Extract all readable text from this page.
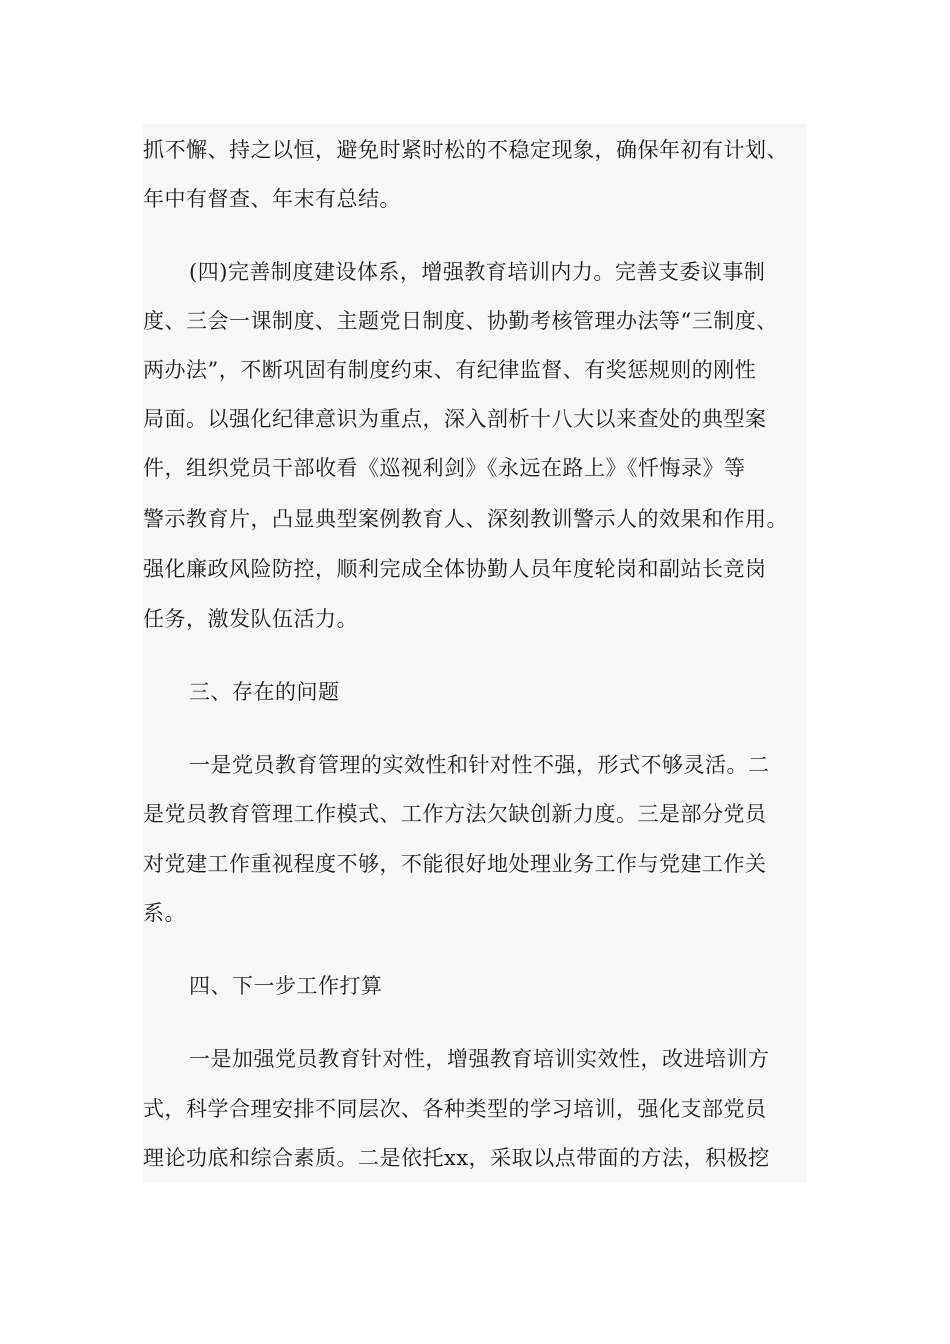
抓不懈、持之以恒，避免时紧时松的不稳定现象，确保年初有计划、
年中有督查、年末有总结。
(四)完善制度建设体系，增强教育培训内力。完善支委议事制
度、三会一课制度、主题党日制度、协勤考核管理办法等“三制度、
两办法”，不断巩固有制度约束、有纪律监督、有奖惩规则的刚性
局面。以强化纪律意识为重点，深入剖析十八大以来查处的典型案
件，组织党员干部收看《巡视利剑》《永远在路上》《忏悔录》等
警示教育片，凸显典型案例教育人、深刻教训警示人的效果和作用。
强化廉政风险防控，顺利完成全体协勤人员年度轮岗和副站长竞岗
任务，激发队伍活力。
三、存在的问题
一是党员教育管理的实效性和针对性不强，形式不够灵活。二
是党员教育管理工作模式、工作方法欠缺创新力度。三是部分党员
对党建工作重视程度不够，不能很好地处理业务工作与党建工作关
系。
四、下一步工作打算
一是加强党员教育针对性，增强教育培训实效性，改进培训方
式，科学合理安排不同层次、各种类型的学习培训，强化支部党员
理论功底和综合素质。二是依托xx，采取以点带面的方法，积极挖
